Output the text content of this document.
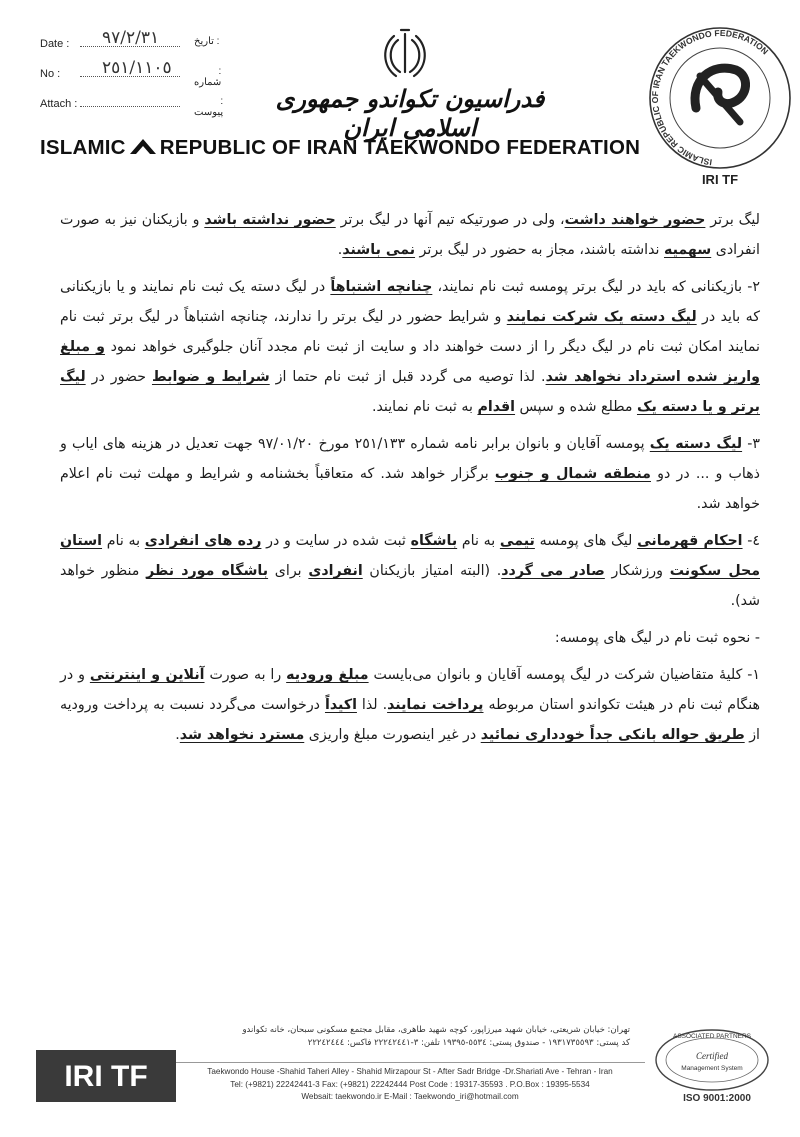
Date : ٩٧/٢/٣١	: تاریخ
No : ٢٥١/١١٠٥	: شماره
Attach :	: پیوست	فدراسیون تکواندو جمهوری اسلامی ایران
ISLAMIC REPUBLIC OF IRAN TAEKWONDO FEDERATION
ISLAMIC REPUBLIC OF IRAN TAEKWONDO FEDERATION
IRI TF

لیگ برتر حضور خواهند داشت، ولی در صورتیکه تیم آنها در لیگ برتر حضور نداشته باشد و بازیکنان نیز به صورت انفرادی سهمیه نداشته باشند، مجاز به حضور در لیگ برتر نمی باشند.

٢- بازیکنانی که باید در لیگ برتر پومسه ثبت نام نمایند، چنانچه اشتباهاً در لیگ دسته یک ثبت نام نمایند و یا بازیکنانی که باید در لیگ دسته یک شرکت نمایند و شرایط حضور در لیگ برتر را ندارند، چنانچه اشتباهاً در لیگ برتر ثبت نام نمایند امکان ثبت نام در لیگ دیگر را از دست خواهند داد و سایت از ثبت نام مجدد آنان جلوگیری خواهد نمود و مبلغ واریز شده استرداد نخواهد شد. لذا توصیه می گردد قبل از ثبت نام حتما از شرایط و ضوابط حضور در لیگ برتر و یا دسته یک مطلع شده و سپس اقدام به ثبت نام نمایند.

٣- لیگ دسته یک پومسه آقایان و بانوان برابر نامه شماره ٢٥١/١٣٣ مورخ ٩٧/٠١/٢٠ جهت تعدیل در هزینه های ایاب و ذهاب و ... در دو منطقه شمال و جنوب برگزار خواهد شد. که متعاقباً بخشنامه و شرایط و مهلت ثبت نام اعلام خواهد شد.

٤- احکام قهرمانی لیگ های پومسه تیمی به نام باشگاه ثبت شده در سایت و در رده های انفرادی به نام استان محل سکونت ورزشکار صادر می گردد. (البته امتیاز بازیکنان انفرادی برای باشگاه مورد نظر منظور خواهد شد).

- نحوه ثبت نام در لیگ های پومسه:

١- کلیهٔ متقاضیان شرکت در لیگ پومسه آقایان و بانوان می‌بایست مبلغ ورودیه را به صورت آنلاین و اینترنتی و در هنگام ثبت نام در هیئت تکواندو استان مربوطه پرداخت نمایند. لذا اکیداً درخواست می‌گردد نسبت به پرداخت ورودیه از طریق حواله بانکی جداً خودداری نمائید در غیر اینصورت مبلغ واریزی مسترد نخواهد شد.

تهران: خیابان شریعتی، خیابان شهید میرزاپور، کوچه شهید طاهری، مقابل مجتمع مسکونی سبحان، خانه تکواندو
کد پستی: ١٩٣١٧٣٥٥٩٣ - صندوق پستی: ٥٥٣٤-١٩٣٩٥ تلفن: ٣-٢٢٢٤٢٤٤١ فاکس: ٢٢٢٤٢٤٤٤
Taekwondo House -Shahid Taheri Alley - Shahid Mirzapour St - After Sadr Bridge -Dr.Shariati Ave - Tehran - Iran
Tel: (+9821) 22242441-3 Fax: (+9821) 22242444 Post Code : 19317-35593 . P.O.Box : 19395-5534
Websait: taekwondo.ir E-Mail : Taekwondo_iri@hotmail.com
IRI TF
ASSOCIATED PARTNERS
Certified
Management System
ISO 9001:2000
